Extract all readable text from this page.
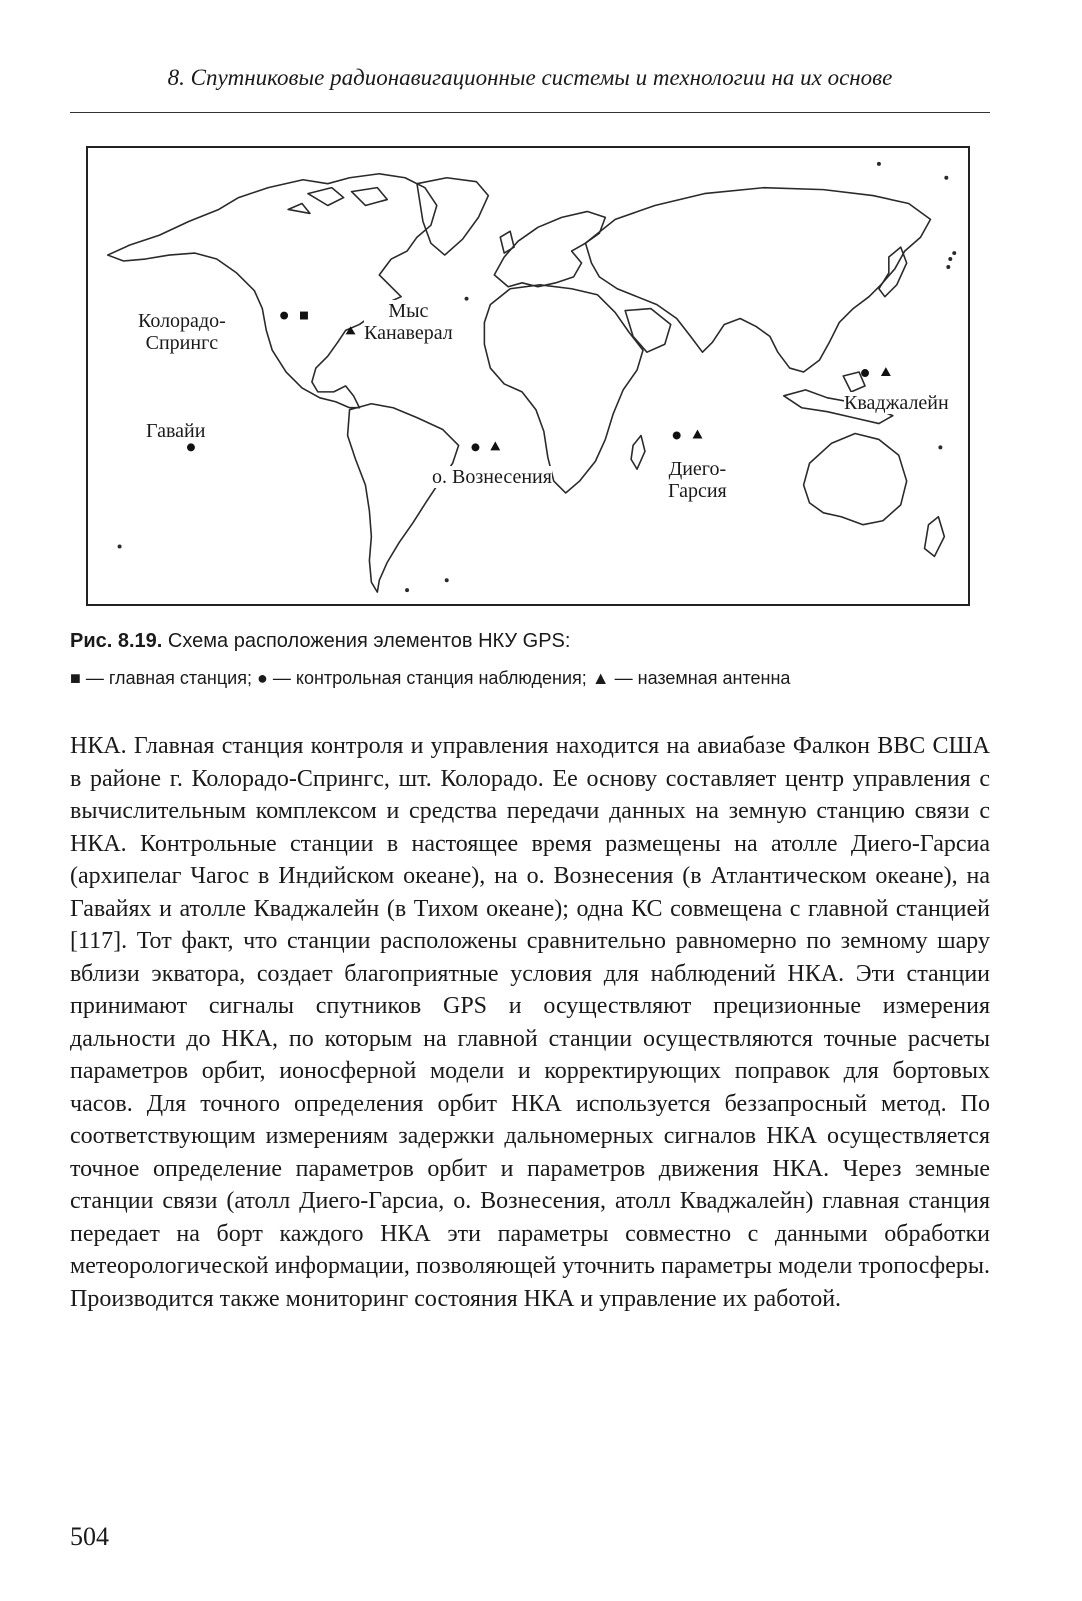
8. Спутниковые радионавигационные системы и технологии на их основе
Колорадо-
Спрингс
Мыс
Канаверал
Гавайи
о. Вознесения	Диего-
Гарсия
Кваджалейн
Рис. 8.19. Схема расположения элементов НКУ GPS:
■ — главная станция; ● — контрольная станция наблюдения; ▲ — наземная антенна

НКА. Главная станция контроля и управления находится на авиабазе Фалкон ВВС США в районе г. Колорадо-Спрингс, шт. Колорадо. Ее основу составляет центр управления с вычислительным комплексом и средства передачи данных на земную станцию связи с НКА. Контрольные станции в настоящее время размещены на атолле Диего-Гарсиа (архипелаг Чагос в Индийском океане), на о. Вознесения (в Атлантическом океане), на Гавайях и атолле Кваджалейн (в Тихом океане); одна КС совмещена с главной станцией [117]. Тот факт, что станции расположены сравнительно равномерно по земному шару вблизи экватора, создает благоприятные условия для наблюдений НКА. Эти станции принимают сигналы спутников GPS и осуществляют прецизионные измерения дальности до НКА, по которым на главной станции осуществляются точные расчеты параметров орбит, ионосферной модели и корректирующих поправок для бортовых часов. Для точного определения орбит НКА используется беззапросный метод. По соответствующим измерениям задержки дальномерных сигналов НКА осуществляется точное определение параметров орбит и параметров движения НКА. Через земные станции связи (атолл Диего-Гарсиа, о. Вознесения, атолл Кваджалейн) главная станция передает на борт каждого НКА эти параметры совместно с данными обработки метеорологической информации, позволяющей уточнить параметры модели тропосферы. Производится также мониторинг состояния НКА и управление их работой.

504
